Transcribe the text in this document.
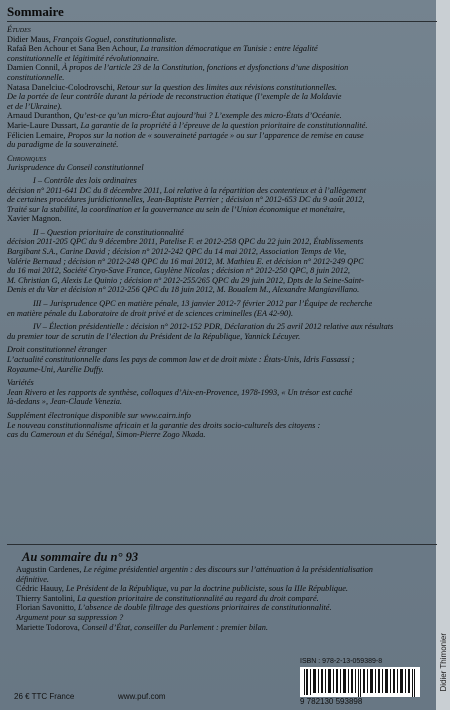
Sommaire

Études

Didier Maus, François Goguel, constitutionnaliste.

Rafaâ Ben Achour et Sana Ben Achour, La transition démocratique en Tunisie : entre légalité

constitutionnelle et légitimité révolutionnaire.

Damien Connil, À propos de l’article 23 de la Constitution, fonctions et dysfonctions d’une disposition

constitutionnelle.

Natasa Danelciuc-Colodrovschi, Retour sur la question des limites aux révisions constitutionnelles.

De la portée de leur contrôle durant la période de reconstruction étatique (l’exemple de la Moldavie

et de l’Ukraine).

Arnaud Duranthon, Qu’est-ce qu’un micro-État aujourd’hui ? L’exemple des micro-États d’Océanie.

Marie-Laure Dussart, La garantie de la propriété à l’épreuve de la question prioritaire de constitutionnalité.

Félicien Lemaire, Propos sur la notion de « souveraineté partagée » ou sur l’apparence de remise en cause

du paradigme de la souveraineté.

Chroniques

Jurisprudence du Conseil constitutionnel

I – Contrôle des lois ordinaires

décision n° 2011-641 DC du 8 décembre 2011, Loi relative à la répartition des contentieux et à l’allègement

de certaines procédures juridictionnelles, Jean-Baptiste Perrier ; décision n° 2012-653 DC du 9 août 2012,

Traité sur la stabilité, la coordination et la gouvernance au sein de l’Union économique et monétaire,

Xavier Magnon.

II – Question prioritaire de constitutionnalité

décision 2011-205 QPC du 9 décembre 2011, Patelise F. et 2012-258 QPC du 22 juin 2012, Établissements

Bargibant S.A., Carine David ; décision n° 2012-242 QPC du 14 mai 2012, Association Temps de Vie,

Valérie Bernaud ; décision n° 2012-248 QPC du 16 mai 2012, M. Mathieu E. et décision n° 2012-249 QPC

du 16 mai 2012, Société Cryo-Save France, Guylène Nicolas ; décision n° 2012-250 QPC, 8 juin 2012,

M. Christian G, Alexis Le Quinio ; décision n° 2012-255/265 QPC du 29 juin 2012, Dpts de la Seine-Saint-

Denis et du Var et décision n° 2012-256 QPC du 18 juin 2012, M. Boualem M., Alexandre Mangiavillano.

III – Jurisprudence QPC en matière pénale, 13 janvier 2012-7 février 2012 par l’Équipe de recherche

en matière pénale du Laboratoire de droit privé et de sciences criminelles (EA 42-90).

IV – Élection présidentielle : décision n° 2012-152 PDR, Déclaration du 25 avril 2012 relative aux résultats

du premier tour de scrutin de l’élection du Président de la République, Yannick Lécuyer.

Droit constitutionnel étranger

L’actualité constitutionnelle dans les pays de common law et de droit mixte : États-Unis, Idris Fassassi ;

Royaume-Uni, Aurélie Duffy.

Variétés

Jean Rivero et les rapports de synthèse, colloques d’Aix-en-Provence, 1978-1993, « Un trésor est caché

là-dedans », Jean-Claude Venezia.

Supplément électronique disponible sur www.cairn.info

Le nouveau constitutionnalisme africain et la garantie des droits socio-culturels des citoyens :

cas du Cameroun et du Sénégal, Simon-Pierre Zogo Nkada.

Au sommaire du n° 93

Augustin Cardenes, Le régime présidentiel argentin : des discours sur l’atténuation à la présidentialisation

définitive.

Cédric Hauuy, Le Président de la République, vu par la doctrine publiciste, sous la IIIe République.

Thierry Santolini, La question prioritaire de constitutionnalité au regard du droit comparé.

Florian Savonitto, L’absence de double filtrage des questions prioritaires de constitutionnalité.

Argument pour sa suppression ?

Mariette Todorova, Conseil d’État, conseiller du Parlement : premier bilan.

ISBN : 978-2-13-059389-8
9 782130 593898
26 € TTC France	www.puf.com
Didier Thimonier
